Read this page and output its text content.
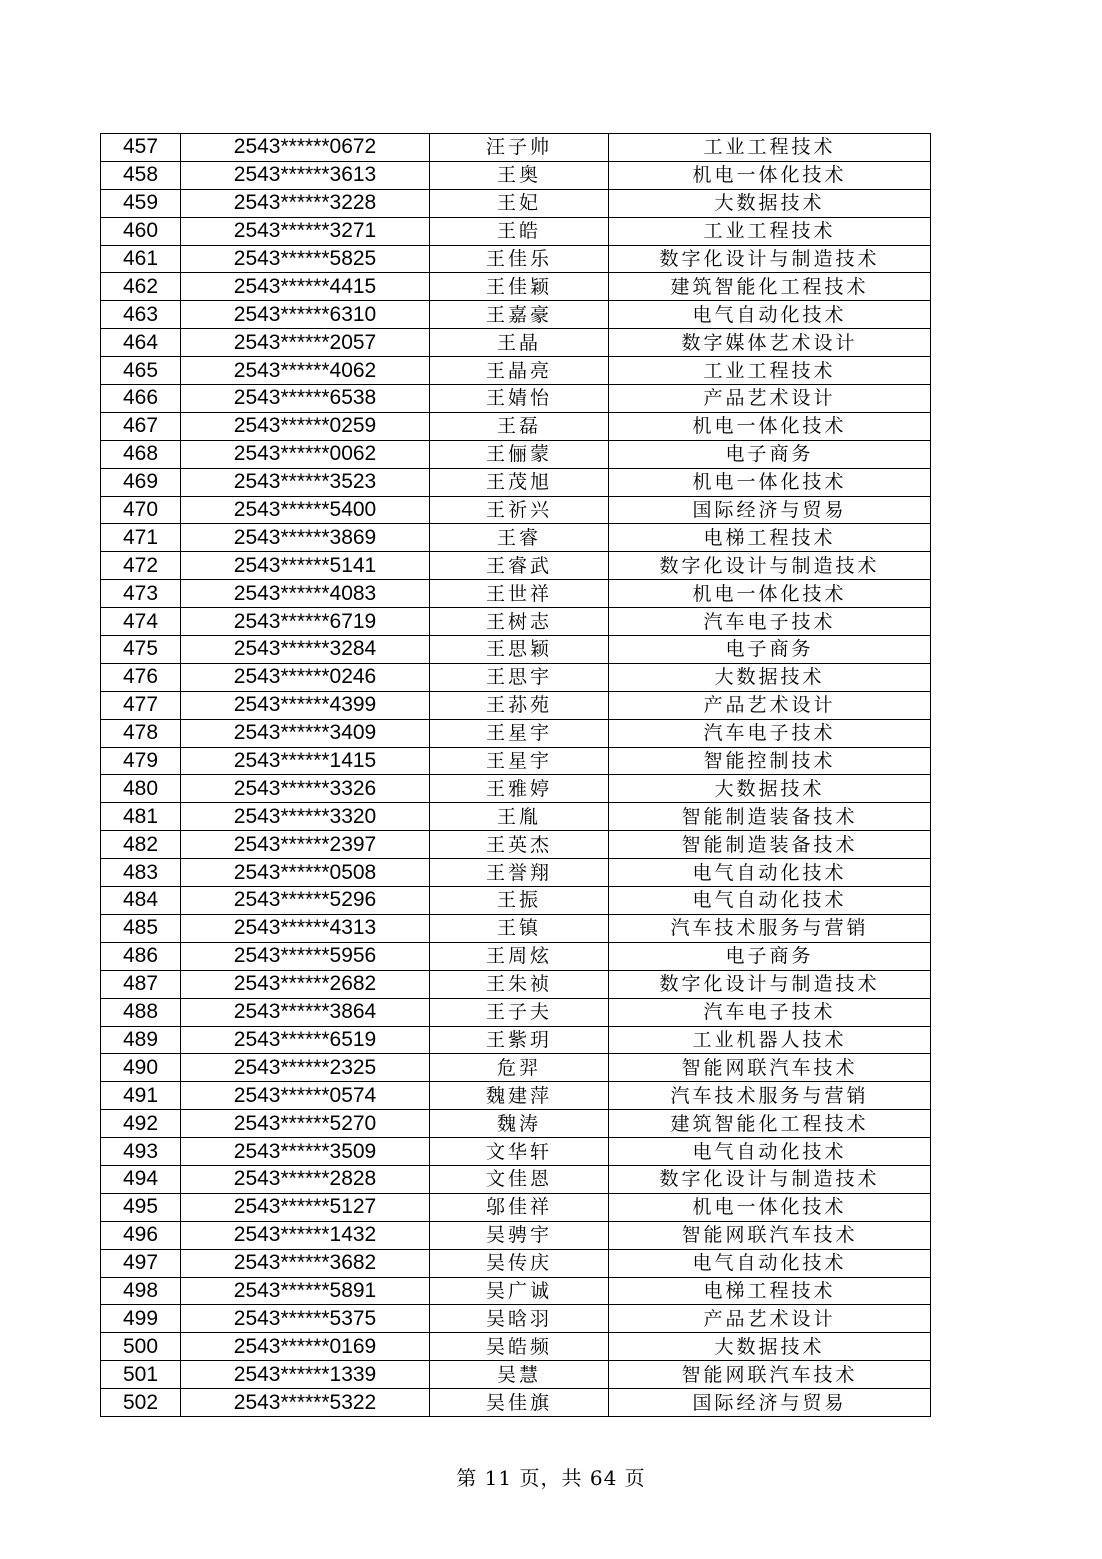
457	2543******0672	汪子帅	工业工程技术
458	2543******3613	王奥	机电一体化技术
459	2543******3228	王妃	大数据技术
460	2543******3271	王皓	工业工程技术
461	2543******5825	王佳乐	数字化设计与制造技术
462	2543******4415	王佳颖	建筑智能化工程技术
463	2543******6310	王嘉豪	电气自动化技术
464	2543******2057	王晶	数字媒体艺术设计
465	2543******4062	王晶亮	工业工程技术
466	2543******6538	王婧怡	产品艺术设计
467	2543******0259	王磊	机电一体化技术
468	2543******0062	王俪蒙	电子商务
469	2543******3523	王茂旭	机电一体化技术
470	2543******5400	王祈兴	国际经济与贸易
471	2543******3869	王睿	电梯工程技术
472	2543******5141	王睿武	数字化设计与制造技术
473	2543******4083	王世祥	机电一体化技术
474	2543******6719	王树志	汽车电子技术
475	2543******3284	王思颖	电子商务
476	2543******0246	王思宇	大数据技术
477	2543******4399	王荪苑	产品艺术设计
478	2543******3409	王星宇	汽车电子技术
479	2543******1415	王星宇	智能控制技术
480	2543******3326	王雅婷	大数据技术
481	2543******3320	王胤	智能制造装备技术
482	2543******2397	王英杰	智能制造装备技术
483	2543******0508	王誉翔	电气自动化技术
484	2543******5296	王振	电气自动化技术
485	2543******4313	王镇	汽车技术服务与营销
486	2543******5956	王周炫	电子商务
487	2543******2682	王朱祯	数字化设计与制造技术
488	2543******3864	王子夫	汽车电子技术
489	2543******6519	王紫玥	工业机器人技术
490	2543******2325	危羿	智能网联汽车技术
491	2543******0574	魏建萍	汽车技术服务与营销
492	2543******5270	魏涛	建筑智能化工程技术
493	2543******3509	文华轩	电气自动化技术
494	2543******2828	文佳恩	数字化设计与制造技术
495	2543******5127	邬佳祥	机电一体化技术
496	2543******1432	吴骋宇	智能网联汽车技术
497	2543******3682	吴传庆	电气自动化技术
498	2543******5891	吴广诚	电梯工程技术
499	2543******5375	吴晗羽	产品艺术设计
500	2543******0169	吴皓频	大数据技术
501	2543******1339	吴慧	智能网联汽车技术
502	2543******5322	吴佳旗	国际经济与贸易
第 11 页，共 64 页
